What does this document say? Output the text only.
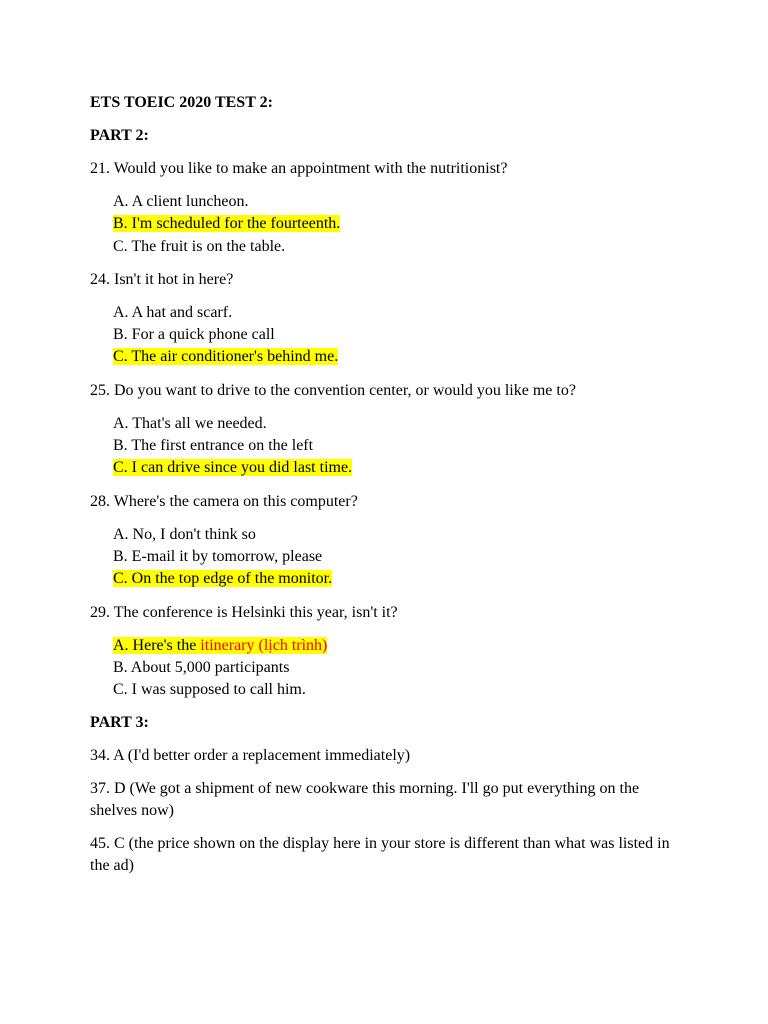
ETS TOEIC 2020 TEST 2:
PART 2:
21. Would you like to make an appointment with the nutritionist?
A. A client luncheon.
B. I'm scheduled for the fourteenth.
C. The fruit is on the table.
24. Isn't it hot in here?
A. A hat and scarf.
B. For a quick phone call
C. The air conditioner's behind me.
25. Do you want to drive to the convention center, or would you like me to?
A. That's all we needed.
B. The first entrance on the left
C. I can drive since you did last time.
28. Where's the camera on this computer?
A. No, I don't think so
B. E-mail it by tomorrow, please
C. On the top edge of the monitor.
29. The conference is Helsinki this year, isn't it?
A. Here's the itinerary (lịch trình)
B. About 5,000 participants
C. I was supposed to call him.
PART 3:
34. A (I'd better order a replacement immediately)
37. D (We got a shipment of new cookware this morning. I'll go put everything on the shelves now)
45. C (the price shown on the display here in your store is different than what was listed in the ad)
